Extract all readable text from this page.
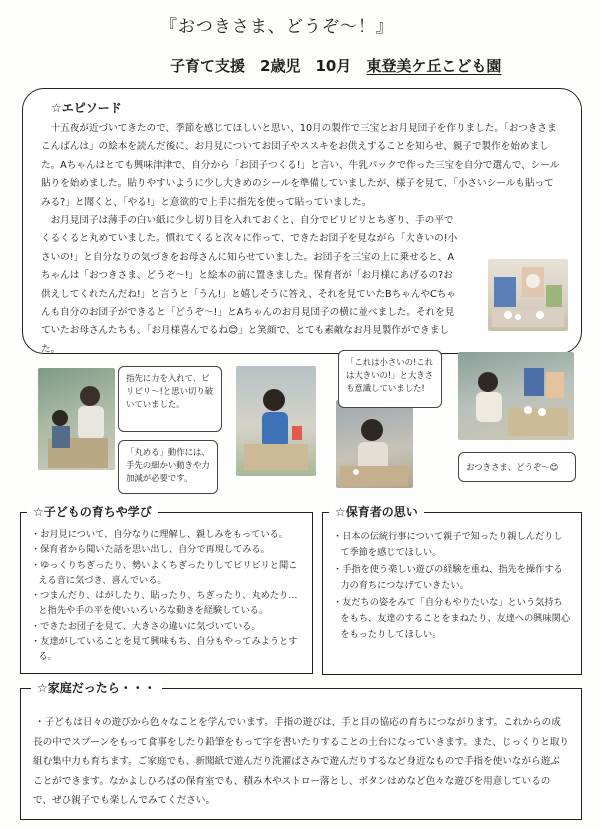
『おつきさま、どうぞ～！』
子育て支援　2歳児　10月　東登美ケ丘こども園
☆エピソード

十五夜が近づいてきたので、季節を感じてほしいと思い、10月の製作で三宝とお月見団子を作りました。「おつきさまこんばんは」の絵本を読んだ後に、お月見についてお団子やススキをお供えすることを知らせ、親子で製作を始めました。Aちゃんはとても興味津津で、自分から「お団子つくる!」と言い、牛乳パックで作った三宝を自分で選んで、シール貼りを始めました。貼りやすいように少し大きめのシールを準備していましたが、様子を見て、「小さいシールも貼ってみる?」と聞くと、「やる!」と意欲的で上手に指先を使って貼っていました。

お月見団子は薄手の白い紙に少し切り目を入れておくと、自分でビリビリとちぎり、手の平でくるくると丸めていました。慣れてくると次々に作って、できたお団子を見ながら「大きいの!小さいの!」と自分なりの気づきをお母さんに知らせていました。お団子を三宝の上に乗せると、Aちゃんは「おつきさま、どうぞ～!」と絵本の前に置きました。保育者が「お月様にあげるの?お供えしてくれたんだね!」と言うと「うん!」と嬉しそうに答え、それを見ていたBちゃんやCちゃんも自分のお団子ができると「どうぞ～!」とAちゃんのお月見団子の横に並べました。それを見ていたお母さんたちも、「お月様喜んでるね😊」と笑顔で、とても素敵なお月見製作ができました。

指先に力を入れて、ビリビリ～!と思い切り破いていました。
「丸める」動作には、手先の細かい動きや力加減が必要です。
「これは小さいの!これは大きいの!」と大きさも意識していました!
おつきさま、どうぞ～😊
☆子どもの育ちや学び
・お月見について、自分なりに理解し、親しみをもっている。
・保育者から聞いた話を思い出し、自分で再現してみる。
・ゆっくりちぎったり、勢いよくちぎったりしてビリビリと聞こえる音に気づき、喜んでいる。
・つまんだり、はがしたり、貼ったり、ちぎったり、丸めたり…と指先や手の平を使いいろいろな動きを経験している。
・できたお団子を見て、大きさの違いに気づいている。
・友達がしていることを見て興味もち、自分もやってみようとする。
☆保育者の思い
・日本の伝統行事について親子で知ったり親しんだりして季節を感じてほしい。
・手指を使う楽しい遊びの経験を重ね、指先を操作する力の育ちにつなげていきたい。
・友だちの姿をみて「自分もやりたいな」という気持ちをもち、友達のすることをまねたり、友達への興味関心をもったりしてほしい。
☆家庭だったら・・・

・子どもは日々の遊びから色々なことを学んでいます。手指の遊びは、手と目の協応の育ちにつながります。これからの成長の中でスプーンをもって食事をしたり鉛筆をもって字を書いたりすることの土台になっていきます。また、じっくりと取り組む集中力も育ちます。ご家庭でも、新聞紙で遊んだり洗濯ばさみで遊んだりするなど身近なもので手指を使いながら遊ぶことができます。なかよしひろばの保育室でも、積み木やストロー落とし、ボタンはめなど色々な遊びを用意しているので、ぜひ親子でも楽しんでみてください。
